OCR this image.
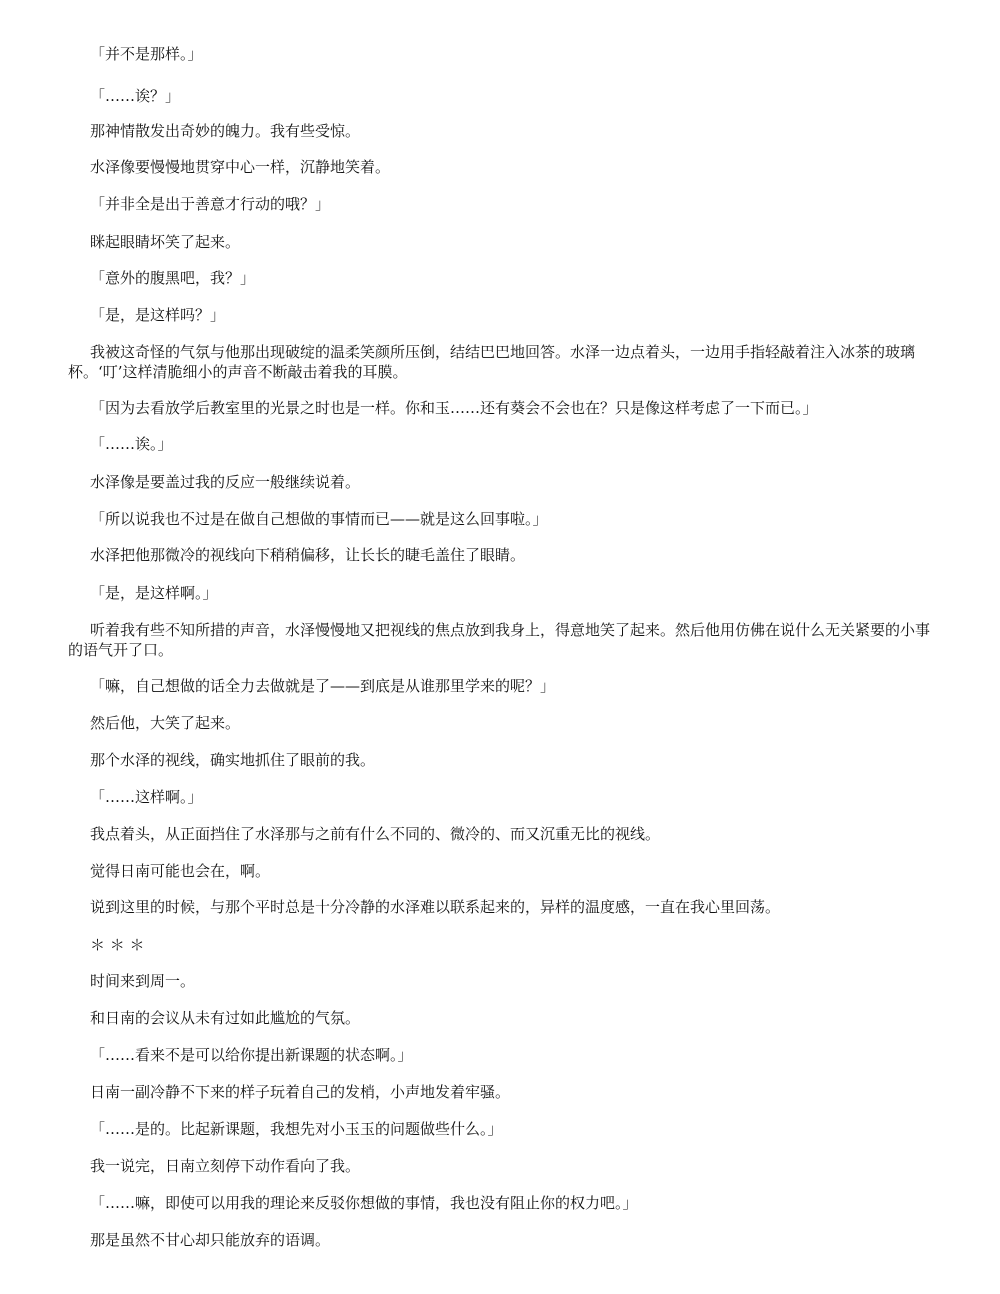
「并不是那样。」

「……诶？」

那神情散发出奇妙的魄力。我有些受惊。

水泽像要慢慢地贯穿中心一样，沉静地笑着。

「并非全是出于善意才行动的哦？」

眯起眼睛坏笑了起来。

「意外的腹黑吧，我？」

「是，是这样吗？」

我被这奇怪的气氛与他那出现破绽的温柔笑颜所压倒，结结巴巴地回答。水泽一边点着头，一边用手指轻敲着注入冰茶的玻璃杯。‘叮’这样清脆细小的声音不断敲击着我的耳膜。

「因为去看放学后教室里的光景之时也是一样。你和玉……还有葵会不会也在？只是像这样考虑了一下而已。」

「……诶。」

水泽像是要盖过我的反应一般继续说着。

「所以说我也不过是在做自己想做的事情而已——就是这么回事啦。」

水泽把他那微冷的视线向下稍稍偏移，让长长的睫毛盖住了眼睛。

「是，是这样啊。」

听着我有些不知所措的声音，水泽慢慢地又把视线的焦点放到我身上，得意地笑了起来。然后他用仿佛在说什么无关紧要的小事的语气开了口。

「嘛，自己想做的话全力去做就是了——到底是从谁那里学来的呢？」

然后他，大笑了起来。

那个水泽的视线，确实地抓住了眼前的我。

「……这样啊。」

我点着头，从正面挡住了水泽那与之前有什么不同的、微冷的、而又沉重无比的视线。

觉得日南可能也会在，啊。

说到这里的时候，与那个平时总是十分冷静的水泽难以联系起来的，异样的温度感，一直在我心里回荡。

＊ ＊ ＊

时间来到周一。

和日南的会议从未有过如此尴尬的气氛。

「……看来不是可以给你提出新课题的状态啊。」

日南一副冷静不下来的样子玩着自己的发梢，小声地发着牢骚。

「……是的。比起新课题，我想先对小玉玉的问题做些什么。」

我一说完，日南立刻停下动作看向了我。

「……嘛，即使可以用我的理论来反驳你想做的事情，我也没有阻止你的权力吧。」

那是虽然不甘心却只能放弃的语调。
